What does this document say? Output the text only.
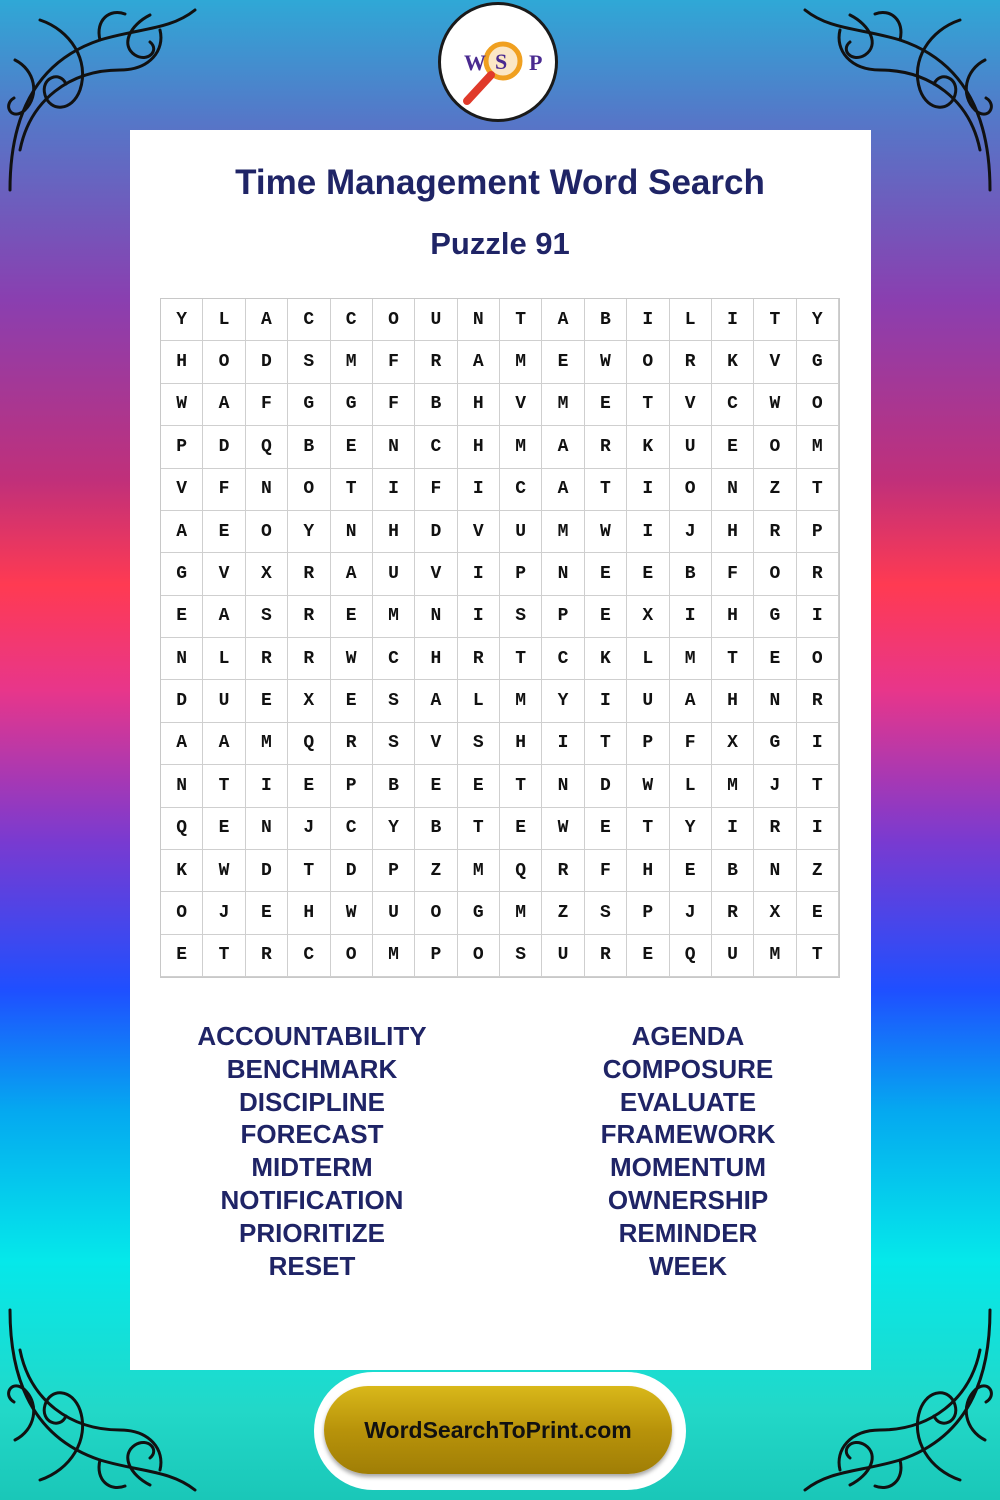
W S P
Time Management Word Search
Puzzle 91
Y	L	A	C	C	O	U	N	T	A	B	I	L	I	T	Y
H	O	D	S	M	F	R	A	M	E	W	O	R	K	V	G
W	A	F	G	G	F	B	H	V	M	E	T	V	C	W	O
P	D	Q	B	E	N	C	H	M	A	R	K	U	E	O	M
V	F	N	O	T	I	F	I	C	A	T	I	O	N	Z	T
A	E	O	Y	N	H	D	V	U	M	W	I	J	H	R	P
G	V	X	R	A	U	V	I	P	N	E	E	B	F	O	R
E	A	S	R	E	M	N	I	S	P	E	X	I	H	G	I
N	L	R	R	W	C	H	R	T	C	K	L	M	T	E	O
D	U	E	X	E	S	A	L	M	Y	I	U	A	H	N	R
A	A	M	Q	R	S	V	S	H	I	T	P	F	X	G	I
N	T	I	E	P	B	E	E	T	N	D	W	L	M	J	T
Q	E	N	J	C	Y	B	T	E	W	E	T	Y	I	R	I
K	W	D	T	D	P	Z	M	Q	R	F	H	E	B	N	Z
O	J	E	H	W	U	O	G	M	Z	S	P	J	R	X	E
E	T	R	C	O	M	P	O	S	U	R	E	Q	U	M	T
ACCOUNTABILITY
BENCHMARK
DISCIPLINE
FORECAST
MIDTERM
NOTIFICATION
PRIORITIZE
RESET
AGENDA
COMPOSURE
EVALUATE
FRAMEWORK
MOMENTUM
OWNERSHIP
REMINDER
WEEK
WordSearchToPrint.com
